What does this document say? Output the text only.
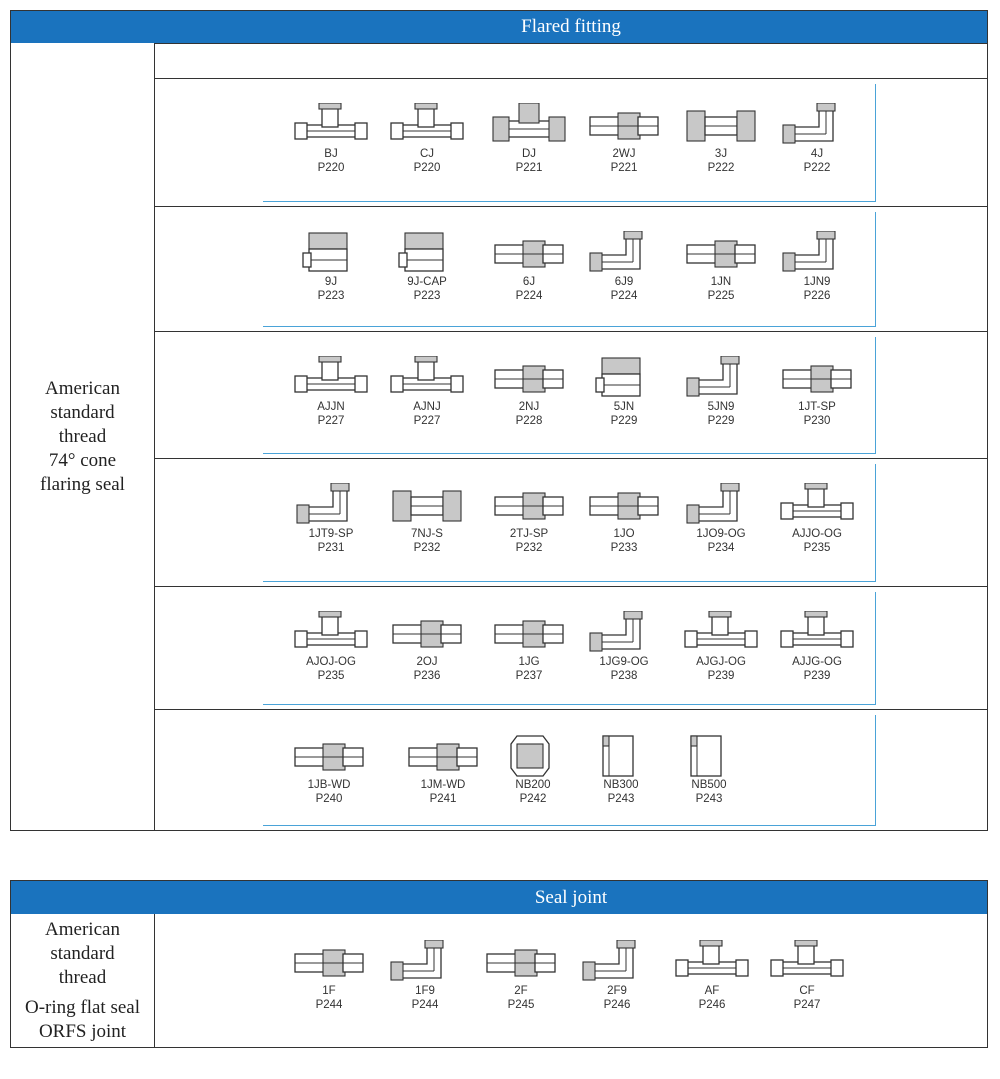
Flared fitting
American
standard
thread
74° cone
flaring seal
BJ
P220
CJ
P220
DJ
P221
2WJ
P221
3J
P222
4J
P222
9J
P223
9J-CAP
P223
6J
P224
6J9
P224
1JN
P225
1JN9
P226
AJJN
P227
AJNJ
P227
2NJ
P228
5JN
P229
5JN9
P229
1JT-SP
P230
1JT9-SP
P231
7NJ-S
P232
2TJ-SP
P232
1JO
P233
1JO9-OG
P234
AJJO-OG
P235
AJOJ-OG
P235
2OJ
P236
1JG
P237
1JG9-OG
P238
AJGJ-OG
P239
AJJG-OG
P239
1JB-WD
P240
1JM-WD
P241
NB200
P242
NB300
P243
NB500
P243
Seal joint
American
standard
thread
O-ring flat seal
ORFS joint
1F
P244
1F9
P244
2F
P245
2F9
P246
AF
P246
CF
P247
